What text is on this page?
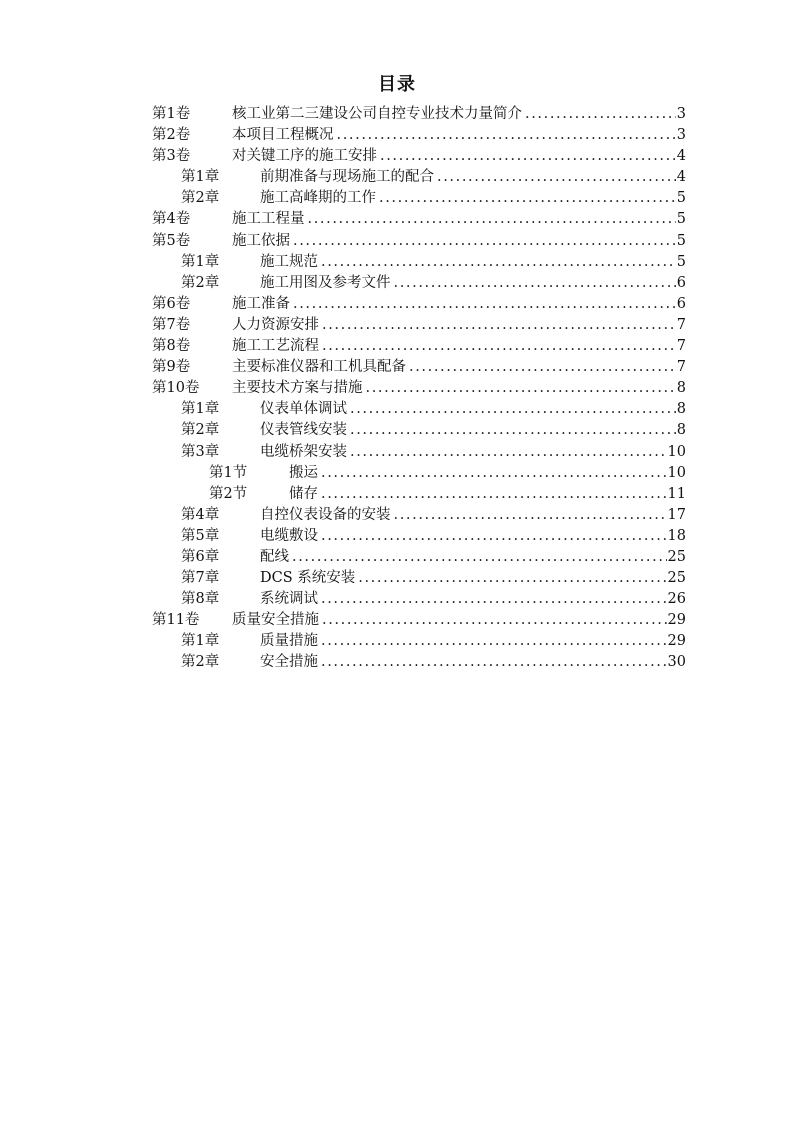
目录
第1卷	核工业第二三建设公司自控专业技术力量简介 .....	3
第2卷	本项目工程概况 .....	3
第3卷	对关键工序的施工安排 .....	4
第1章	前期准备与现场施工的配合 .....	4
第2章	施工高峰期的工作 .....	5
第4卷	施工工程量 .....	5
第5卷	施工依据 .....	5
第1章	施工规范 .....	5
第2章	施工用图及参考文件 .....	6
第6卷	施工准备 .....	6
第7卷	人力资源安排 .....	7
第8卷	施工工艺流程 .....	7
第9卷	主要标准仪器和工机具配备 .....	7
第10卷 主要技术方案与措施 .....	8
第1章	仪表单体调试 .....	8
第2章	仪表管线安装 .....	8
第3章	电缆桥架安装 .....	10
第1节	搬运 .....	10
第2节	储存 .....	11
第4章	自控仪表设备的安装 .....	17
第5章	电缆敷设 .....	18
第6章	配线 .....	25
第7章	DCS 系统安装 .....	25
第8章	系统调试 .....	26
第11卷 质量安全措施 .....	29
第1章	质量措施 .....	29
第2章	安全措施 .....	30
